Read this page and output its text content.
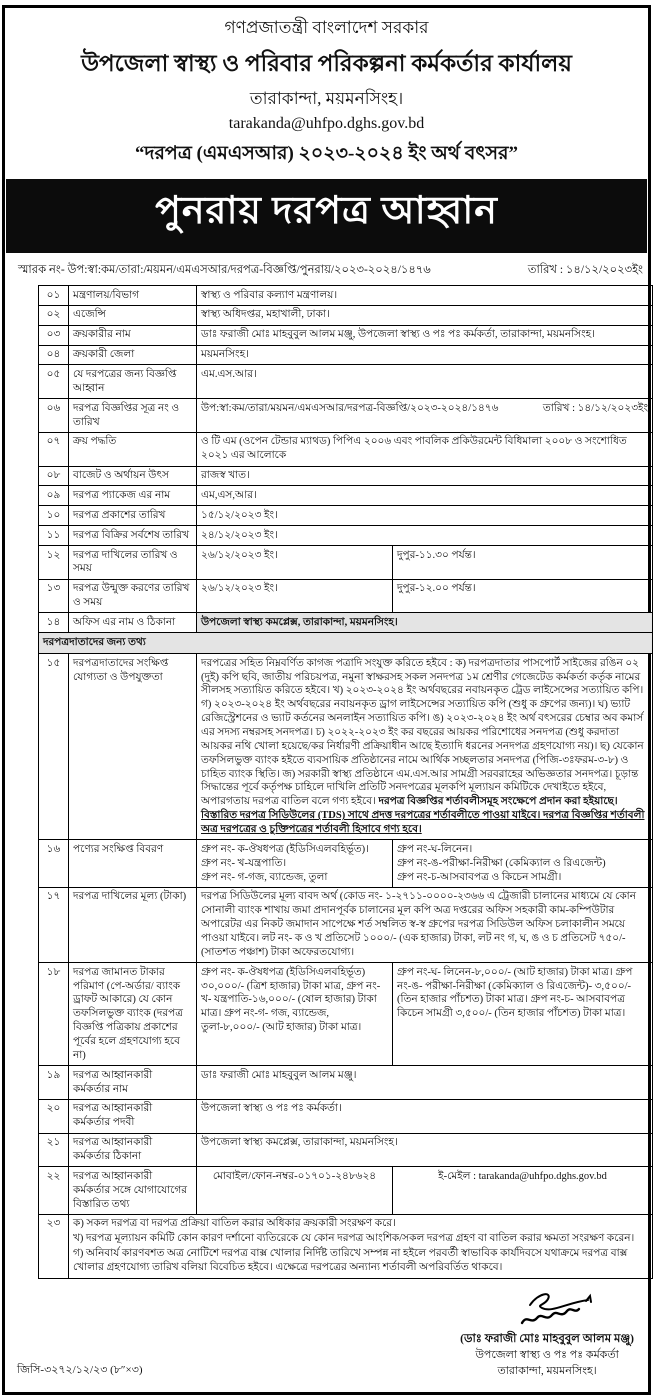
গণপ্রজাতন্ত্রী বাংলাদেশ সরকার
উপজেলা স্বাস্থ্য ও পরিবার পরিকল্পনা কর্মকর্তার কার্যালয়
তারাকান্দা, ময়মনসিংহ।
tarakanda@uhfpo.dghs.gov.bd
“দরপত্র (এমএসআর) ২০২৩-২০২৪ ইং অর্থ বৎসর”
পুনরায় দরপত্র আহ্বান
স্মারক নং- উপ:স্বা:কম/তারা:/ময়মন/এমএসআর/দরপত্র-বিজ্ঞপ্তি/পুনরায়/২০২৩-২০২৪/১৪৭৬	তারিখ : ১৪/১২/২০২৩ইং
০১	মন্ত্রণালয়/বিভাগ	স্বাস্থ্য ও পরিবার কল্যাণ মন্ত্রণালয়।	
০২	এজেন্সি	স্বাস্থ্য অধিদপ্তর, মহাখালী, ঢাকা।	
০৩	ক্রয়কারীর নাম	ডাঃ ফরাজী মোঃ মাহবুবুল আলম মঞ্জু, উপজেলা স্বাস্থ্য ও পঃ পঃ কর্মকর্তা, তারাকান্দা, ময়মনসিংহ।	
০৪	ক্রয়কারী জেলা	ময়মনসিংহ।	
০৫	যে দরপত্রের জন্য বিজ্ঞপ্তি আহ্বান	এম.এস.আর।	
০৬	দরপত্র বিজ্ঞপ্তির সূত্র নং ও তারিখ	উপ:স্বা:কম/তারা/ময়মন/এমএসআর/দরপত্র-বিজ্ঞপ্তি/২০২৩-২০২৪/১৪৭৬ তারিখ : ১৪/১২/২০২৩ইং	

০৭	ক্রয় পদ্ধতি	ও টি এম (ওপেন টেন্ডার ম্যাথড) পিপিএ ২০০৬ এবং পাবলিক প্রকিউরমেন্ট বিধিমালা ২০০৮ ও সংশোধিত ২০২১ এর আলোকে	
০৮	বাজেট ও অর্থায়ন উৎস	রাজস্ব খাত।	
০৯	দরপত্র প্যাকেজ এর নাম	এম,এস,আর।	
১০	দরপত্র প্রকাশের তারিখ	১৫/১২/২০২৩ ইং।	
১১	দরপত্র বিক্রির সর্বশেষ তারিখ	২৪/১২/২০২৩ ইং।	
১২	দরপত্র দাখিলের তারিখ ও সময়	২৬/১২/২০২৩ ইং।	দুপুর-১১.৩০ পর্যন্ত।
১৩	দরপত্র উন্মুক্ত করণের তারিখ ও সময়	২৬/১২/২০২৩ ইং।	দুপুর-১২.০০ পর্যন্ত।
১৪	অফিস এর নাম ও ঠিকানা	উপজেলা স্বাস্থ্য কমপ্লেক্স, তারাকান্দা, ময়মনসিংহ।	
দরপত্রদাতাদের জন্য তথ্য			
১৫	দরপত্রদাতাদের সংক্ষিপ্ত যোগ্যতা ও উপযুক্ততা	দরপত্রের সহিত নিম্নবর্ণিত কাগজ পত্রাদি সংযুক্ত করিতে হইবে : ক) দরপত্রদাতার পাসপোর্ট সাইজের রঙিন ০২ (দুই) কপি ছবি, জাতীয় পরিচয়পত্র, নমুনা স্বাক্ষরসহ সকল সনদপত্র ১ম শ্রেণীর গেজেটেড কর্মকর্তা কর্তৃক নামের সীলসহ সত্যায়িত করিতে হইবে। খ) ২০২৩-২০২৪ ইং অর্থবছরের নবায়নকৃত ট্রেড লাইসেন্সের সত্যায়িত কপি। গ) ২০২৩-২০২৪ ইং অর্থবছরের নবায়নকৃত ড্রাগ লাইসেন্সের সত্যায়িত কপি (শুধু ক গ্রুপের জন্য)। ঘ) ভ্যাট রেজিস্ট্রেশনের ও ভ্যাট কর্তনের অনলাইন সত্যায়িত কপি। ঙ) ২০২৩-২০২৪ ইং অর্থ বৎসরের চেম্বার অব কমার্স এর সদস্য নম্বরসহ সনদপত্র। চ) ২০২২-২০২৩ ইং কর বছরের আয়কর পরিশোধের সনদপত্র (শুধু করদাতা আয়কর নথি খোলা হয়েছে/কর নির্ধারণী প্রক্রিয়াধীন আছে ইত্যাদি ধরনের সনদপত্র গ্রহণযোগ্য নয়)। ছ) যেকোন তফসিলভুক্ত ব্যাংক হইতে ব্যবসায়িক প্রতিষ্ঠানের নামে আর্থিক সচ্ছলতার সনদপত্র (পিজি-৩ঃফরম-৩-৮) ও চাহিত ব্যাংক স্থিতি। জ) সরকারী স্বাস্থ্য প্রতিষ্ঠানে এম.এস.আর সামগ্রী সরবরাহের অভিজ্ঞতার সনদপত্র। চূড়ান্ত সিদ্ধান্তের পূর্বে কর্তৃপক্ষ চাহিলে দাখিলি প্রতিটি সনদপত্রের মূলকপি মূল্যায়ন কমিটিকে দেখাইতে হইবে, অপারগতায় দরপত্র বাতিল বলে গণ্য হইবে। দরপত্র বিজ্ঞপ্তির শর্তাবলীসমূহ সংক্ষেপে প্রদান করা হইয়াছে। বিস্তারিত দরপত্র সিডিউলের (TDS) সাথে প্রদত্ত দরপত্রের শর্তাবলীতে পাওয়া যাইবে। দরপত্র বিজ্ঞপ্তির শর্তাবলী অত্র দরপত্রের ও চুক্তিপত্রের শর্তাবলী হিসাবে গণ্য হবে।	
১৬	পণ্যের সংক্ষিপ্ত বিবরণ	গ্রুপ নং- ক-ঔষধপত্র (ইডিসিএলবহির্ভূত)।
গ্রুপ নং- খ-যন্ত্রপাতি।
গ্রুপ নং- গ-গজ, ব্যান্ডেজ, তুলা

গ্রুপ নং-ঘ-লিনেন।
গ্রুপ নং-ঙ-পরীক্ষা-নিরীক্ষা (কেমিক্যাল ও রিএজেন্ট)
গ্রুপ নং-চ-আসবাবপত্র ও কিচেন সামগ্রী।

১৭	দরপত্র দাখিলের মূল্য (টাকা)	দরপত্র সিডিউলের মূল্য বাবদ অর্থ (কোড নং- ১-২৭১১-০০০০-২৩৬৬ এ ট্রেজারী চালানের মাধ্যমে যে কোন সোনালী ব্যাংক শাখায় জমা প্রদানপূর্বক চালানের মূল কপি অত্র দপ্তরের অফিস সহকারী কাম-কম্পিউটার অপারেটর এর নিকট জমাদান সাপেক্ষে শর্ত সম্বলিত স্ব-স্ব গ্রুপের দরপত্র সিডিউল অফিস চলাকালীন সময়ে পাওয়া যাইবে। লট নং- ক ও খ প্রতিসেট ১০০০/- (এক হাজার) টাকা, লট নং গ, ঘ, ঙ ও চ প্রতিসেট ৭৫০/- (সাতশত পঞ্চাশ) টাকা অফেরতযোগ্য।	
১৮	দরপত্র জামানত টাকার পরিমাণ (পে-অর্ডার/ ব্যাংক ড্রাফট আকারে) যে কোন তফসিলভুক্ত ব্যাংক (দরপত্র বিজ্ঞপ্তি পত্রিকায় প্রকাশের পূর্বের হলে গ্রহণযোগ্য হবে না)	গ্রুপ নং- ক-ঔষধপত্র (ইডিসিএলবহির্ভূত) ৩০,০০০/- (ত্রিশ হাজার) টাকা মাত্র, গ্রুপ নং-খ- যন্ত্রপাতি-১৬,০০০/- (ষোল হাজার) টাকা মাত্র। গ্রুপ নং-গ- গজ, ব্যান্ডেজ, তুলা-৮,০০০/- (আট হাজার) টাকা মাত্র।	গ্রুপ নং-ঘ- লিনেন-৮,০০০/- (আট হাজার) টাকা মাত্র। গ্রুপ নং-ঙ- পরীক্ষা-নিরীক্ষা (কেমিক্যাল ও রিএজেন্ট)- ৩,৫০০/- (তিন হাজার পাঁচশত) টাকা মাত্র। গ্রুপ নং-চ- আসবাবপত্র কিচেন সামগ্রী ৩,৫০০/- (তিন হাজার পাঁচশত) টাকা মাত্র।
১৯	দরপত্র আহ্বানকারী কর্মকর্তার নাম	ডাঃ ফরাজী মোঃ মাহবুবুল আলম মঞ্জু।	
২০	দরপত্র আহ্বানকারী কর্মকর্তার পদবী	উপজেলা স্বাস্থ্য ও পঃ পঃ কর্মকর্তা।	
২১	দরপত্র আহ্বানকারী কর্মকর্তার ঠিকানা	উপজেলা স্বাস্থ্য কমপ্লেক্স, তারাকান্দা, ময়মনসিংহ।	
২২	দরপত্র আহ্বানকারী কর্মকর্তার সঙ্গে যোগাযোগের বিস্তারিত তথ্য	মোবাইল/ফোন-নম্বর-০১৭০১-২৪৮৬২৪	ই-মেইল : tarakanda@uhfpo.dghs.gov.bd
২৩	ক) সকল দরপত্র বা দরপত্র প্রক্রিয়া বাতিল করার অধিকার ক্রয়কারী সংরক্ষণ করে।
খ) দরপত্র মূল্যায়ন কমিটি কোন কারণ দর্শানো ব্যতিরেকে যে কোন দরপত্র আংশিক/সকল দরপত্র গ্রহণ বা বাতিল করার ক্ষমতা সংরক্ষণ করেন।
গ) অনিবার্য কারণবশত অত্র নোটিশে দরপত্র বাক্স খোলার নির্দিষ্ট তারিখে সম্পন্ন না হইলে পরবর্তী স্বাভাবিক কার্যদিবসে যথাক্রমে দরপত্র বাক্স খোলার গ্রহণযোগ্য তারিখ বলিয়া বিবেচিত হইবে। এক্ষেত্রে দরপত্রের অন্যান্য শর্তাবলী অপরিবর্তিত থাকবে।		
জিসি-৩২৭২/১২/২৩ (৮″×৩)
(ডাঃ ফরাজী মোঃ মাহবুবুল আলম মঞ্জু)
উপজেলা স্বাস্থ্য ও পঃ পঃ কর্মকর্তা
তারাকান্দা, ময়মনসিংহ।
